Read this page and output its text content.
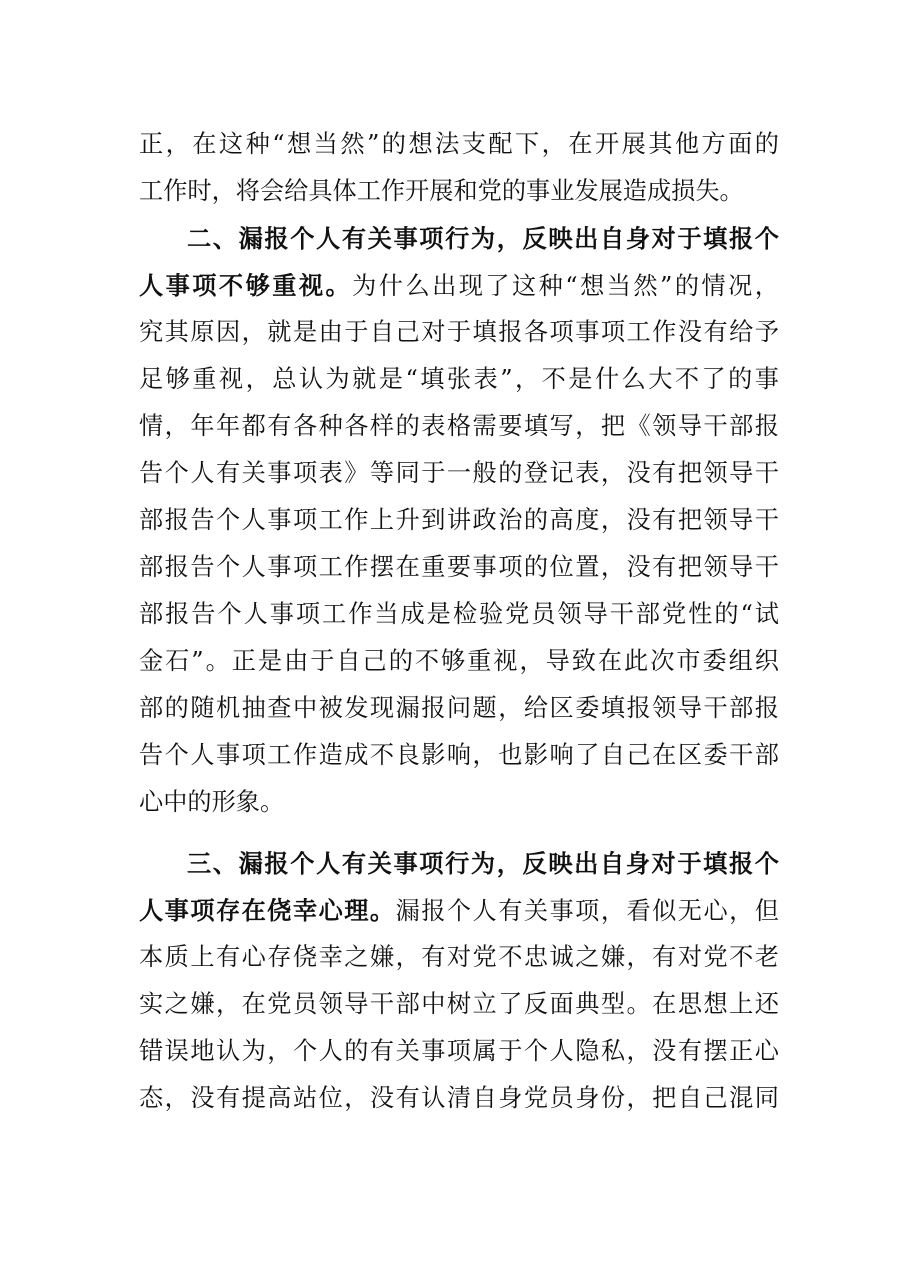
正，在这种“想当然”的想法支配下，在开展其他方面的
工作时，将会给具体工作开展和党的事业发展造成损失。
二、漏报个人有关事项行为，反映出自身对于填报个
人事项不够重视。为什么出现了这种“想当然”的情况，
究其原因，就是由于自己对于填报各项事项工作没有给予
足够重视，总认为就是“填张表”，不是什么大不了的事
情，年年都有各种各样的表格需要填写，把《领导干部报
告个人有关事项表》等同于一般的登记表，没有把领导干
部报告个人事项工作上升到讲政治的高度，没有把领导干
部报告个人事项工作摆在重要事项的位置，没有把领导干
部报告个人事项工作当成是检验党员领导干部党性的“试
金石”。正是由于自己的不够重视，导致在此次市委组织
部的随机抽查中被发现漏报问题，给区委填报领导干部报
告个人事项工作造成不良影响，也影响了自己在区委干部
心中的形象。
三、漏报个人有关事项行为，反映出自身对于填报个
人事项存在侥幸心理。漏报个人有关事项，看似无心，但
本质上有心存侥幸之嫌，有对党不忠诚之嫌，有对党不老
实之嫌，在党员领导干部中树立了反面典型。在思想上还
错误地认为，个人的有关事项属于个人隐私，没有摆正心
态，没有提高站位，没有认清自身党员身份，把自己混同
